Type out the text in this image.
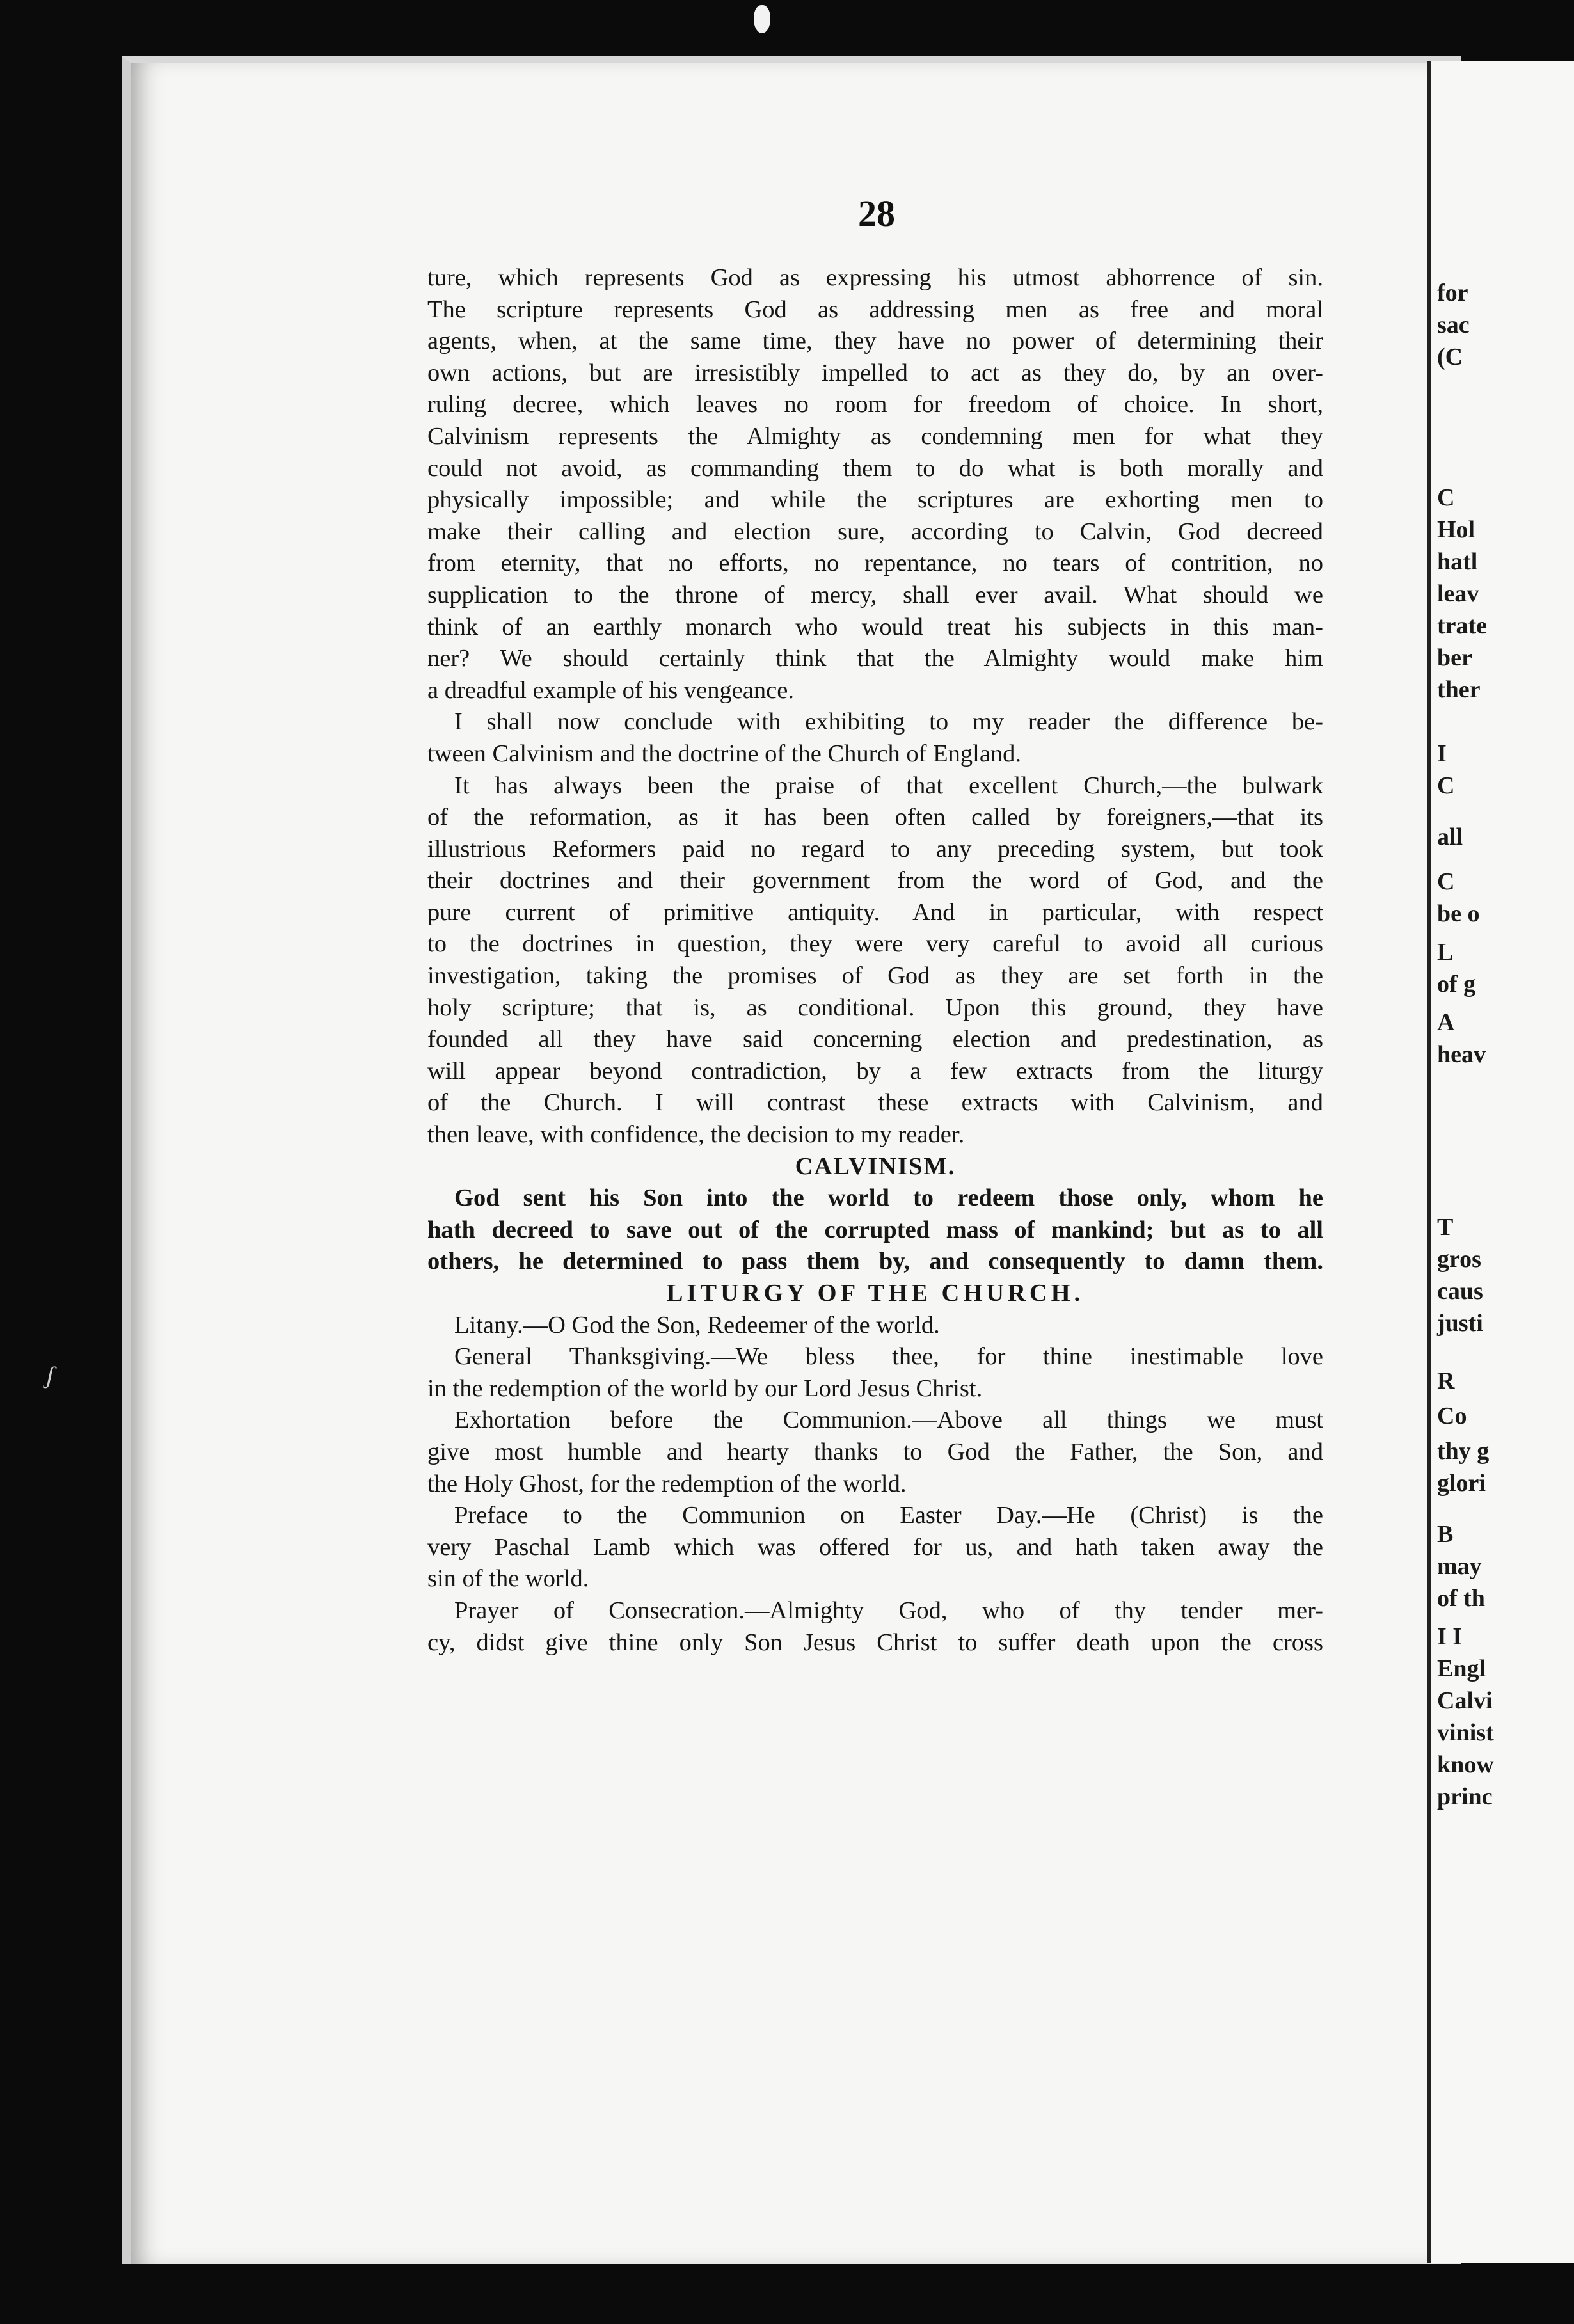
for
sac
(C
C
Hol
hatl
leav
trate
ber
ther
I
C
all
C
be o
L
of g
A
heav
T
gros
caus
justi
R
Co
thy g
glori
B
may
of th
I I
Engl
Calvi
vinist
know
princ
28
ture, which represents God as expressing his utmost abhorrence of sin.
The scripture represents God as addressing men as free and moral
agents, when, at the same time, they have no power of determining their
own actions, but are irresistibly impelled to act as they do, by an over-
ruling decree, which leaves no room for freedom of choice. In short,
Calvinism represents the Almighty as condemning men for what they
could not avoid, as commanding them to do what is both morally and
physically impossible; and while the scriptures are exhorting men to
make their calling and election sure, according to Calvin, God decreed
from eternity, that no efforts, no repentance, no tears of contrition, no
supplication to the throne of mercy, shall ever avail. What should we
think of an earthly monarch who would treat his subjects in this man-
ner? We should certainly think that the Almighty would make him
a dreadful example of his vengeance.
I shall now conclude with exhibiting to my reader the difference be-
tween Calvinism and the doctrine of the Church of England.
It has always been the praise of that excellent Church,—the bulwark
of the reformation, as it has been often called by foreigners,—that its
illustrious Reformers paid no regard to any preceding system, but took
their doctrines and their government from the word of God, and the
pure current of primitive antiquity. And in particular, with respect
to the doctrines in question, they were very careful to avoid all curious
investigation, taking the promises of God as they are set forth in the
holy scripture; that is, as conditional. Upon this ground, they have
founded all they have said concerning election and predestination, as
will appear beyond contradiction, by a few extracts from the liturgy
of the Church. I will contrast these extracts with Calvinism, and
then leave, with confidence, the decision to my reader.
CALVINISM.
God sent his Son into the world to redeem those only, whom he
hath decreed to save out of the corrupted mass of mankind; but as to all
others, he determined to pass them by, and consequently to damn them.
LITURGY OF THE CHURCH.
Litany.—O God the Son, Redeemer of the world.
General Thanksgiving.—We bless thee, for thine inestimable love
in the redemption of the world by our Lord Jesus Christ.
Exhortation before the Communion.—Above all things we must
give most humble and hearty thanks to God the Father, the Son, and
the Holy Ghost, for the redemption of the world.
Preface to the Communion on Easter Day.—He (Christ) is the
very Paschal Lamb which was offered for us, and hath taken away the
sin of the world.
Prayer of Consecration.—Almighty God, who of thy tender mer-
cy, didst give thine only Son Jesus Christ to suffer death upon the cross
ʃ
